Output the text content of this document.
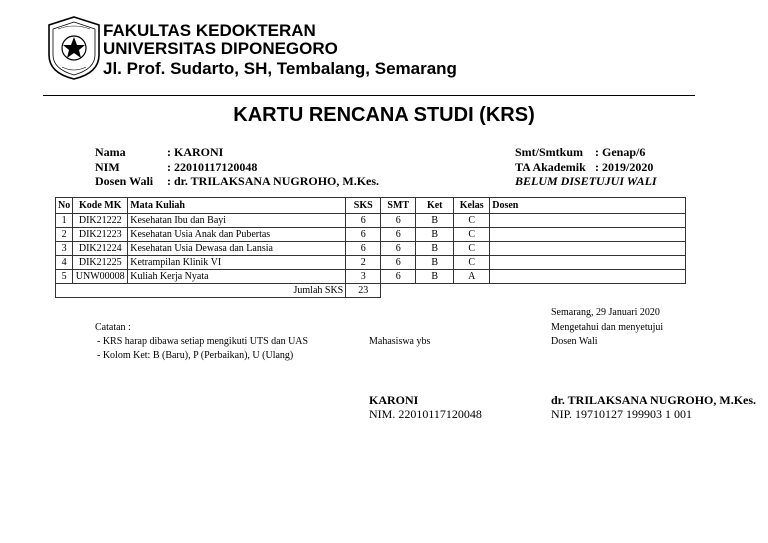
FAKULTAS KEDOKTERAN
UNIVERSITAS DIPONEGORO
Jl. Prof. Sudarto, SH, Tembalang, Semarang
KARTU RENCANA STUDI (KRS)
Nama	: KARONI
NIM	: 22010117120048
Dosen Wali : dr. TRILAKSANA NUGROHO, M.Kes.
Smt/Smtkum : Genap/6
TA Akademik : 2019/2020
BELUM DISETUJUI WALI
No	Kode MK	Mata Kuliah	SKS	SMT	Ket	Kelas	Dosen
1	DIK21222	Kesehatan Ibu dan Bayi	6	6	B	C	
2	DIK21223	Kesehatan Usia Anak dan Pubertas	6	6	B	C	
3	DIK21224	Kesehatan Usia Dewasa dan Lansia	6	6	B	C	
4	DIK21225	Ketrampilan Klinik VI	2	6	B	C	
5	UNW00008	Kuliah Kerja Nyata	3	6	B	A	
Jumlah SKS			23				
Catatan :
- KRS harap dibawa setiap mengikuti UTS dan UAS
- Kolom Ket: B (Baru), P (Perbaikan), U (Ulang)
Mahasiswa ybs
KARONI
NIM. 22010117120048
Semarang, 29 Januari 2020
Mengetahui dan menyetujui
Dosen Wali
dr. TRILAKSANA NUGROHO, M.Kes.
NIP. 19710127 199903 1 001
